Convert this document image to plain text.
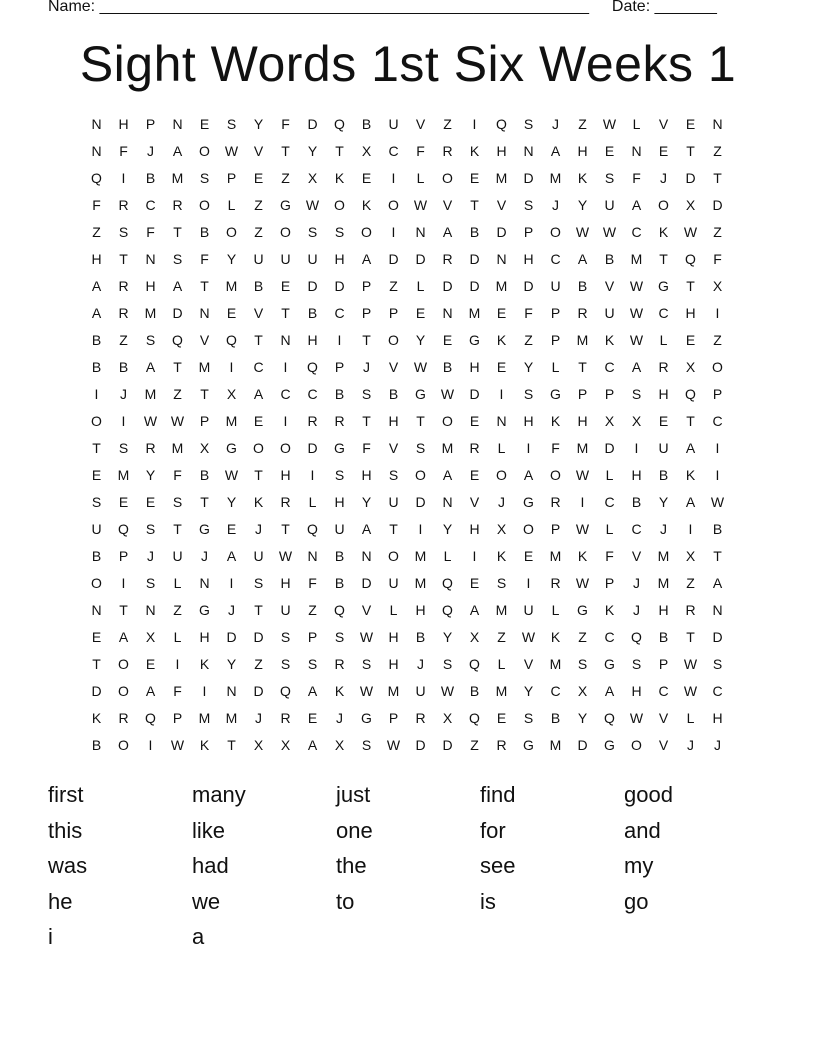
Name: _______________________________________________________ Date: _______
Sight Words 1st Six Weeks 1
N	H	P	N	E	S	Y	F	D	Q	B	U	V	Z	I	Q	S	J	Z	W	L	V	E	N
N	F	J	A	O	W	V	T	Y	T	X	C	F	R	K	H	N	A	H	E	N	E	T	Z
Q	I	B	M	S	P	E	Z	X	K	E	I	L	O	E	M	D	M	K	S	F	J	D	T
F	R	C	R	O	L	Z	G	W	O	K	O	W	V	T	V	S	J	Y	U	A	O	X	D
Z	S	F	T	B	O	Z	O	S	S	O	I	N	A	B	D	P	O	W W	C	K	W	Z
H	T	N	S	F	Y	U	U	U	H	A	D	D	R	D	N	H	C	A	B	M	T	Q	F
A	R	H	A	T	M	B	E	D	D	P	Z	L	D	D	M	D	U	B	V	W	G	T	X
A	R	M	D	N	E	V	T	B	C	P	P	E	N	M	E	F	P	R	U	W	C	H	I
B	Z	S	Q	V	Q	T	N	H	I	T	O	Y	E	G	K	Z	P	M	K	W	L	E	Z
B	B	A	T	M	I	C	I	Q	P	J	V	W	B	H	E	Y	L	T	C	A	R	X	O
I	J	M	Z	T	X	A	C	C	B	S	B	G	W	D	I	S	G	P	P	S	H	Q	P
O	I	W W	P	M	E	I	R	R	T	H	T	O	E	N	H	K	H	X	X	E	T	C
T	S	R	M	X	G	O	O	D	G	F	V	S	M	R	L	I	F	M	D	I	U	A	I
E	M	Y	F	B	W	T	H	I	S	H	S	O	A	E	O	A	O	W	L	H	B	K	I
S	E	E	S	T	Y	K	R	L	H	Y	U	D	N	V	J	G	R	I	C	B	Y	A	W
U	Q	S	T	G	E	J	T	Q	U	A	T	I	Y	H	X	O	P	W	L	C	J	I	B
B	P	J	U	J	A	U	W	N	B	N	O	M	L	I	K	E	M	K	F	V	M	X	T
O	I	S	L	N	I	S	H	F	B	D	U	M	Q	E	S	I	R	W	P	J	M	Z	A
N	T	N	Z	G	J	T	U	Z	Q	V	L	H	Q	A	M	U	L	G	K	J	H	R	N
E	A	X	L	H	D	D	S	P	S	W	H	B	Y	X	Z	W	K	Z	C	Q	B	T	D
T	O	E	I	K	Y	Z	S	S	R	S	H	J	S	Q	L	V	M	S	G	S	P	W	S
D	O	A	F	I	N	D	Q	A	K	W	M	U	W	B	M	Y	C	X	A	H	C	W	C
K	R	Q	P	M	M	J	R	E	J	G	P	R	X	Q	E	S	B	Y	Q	W	V	L	H
B	O	I	W	K	T	X	X	A	X	S	W	D	D	Z	R	G	M	D	G	O	V	J	J
first	many	just	find	good
this	like	one	for	and
was	had	the	see	my
he	we	to	is	go
i	a
